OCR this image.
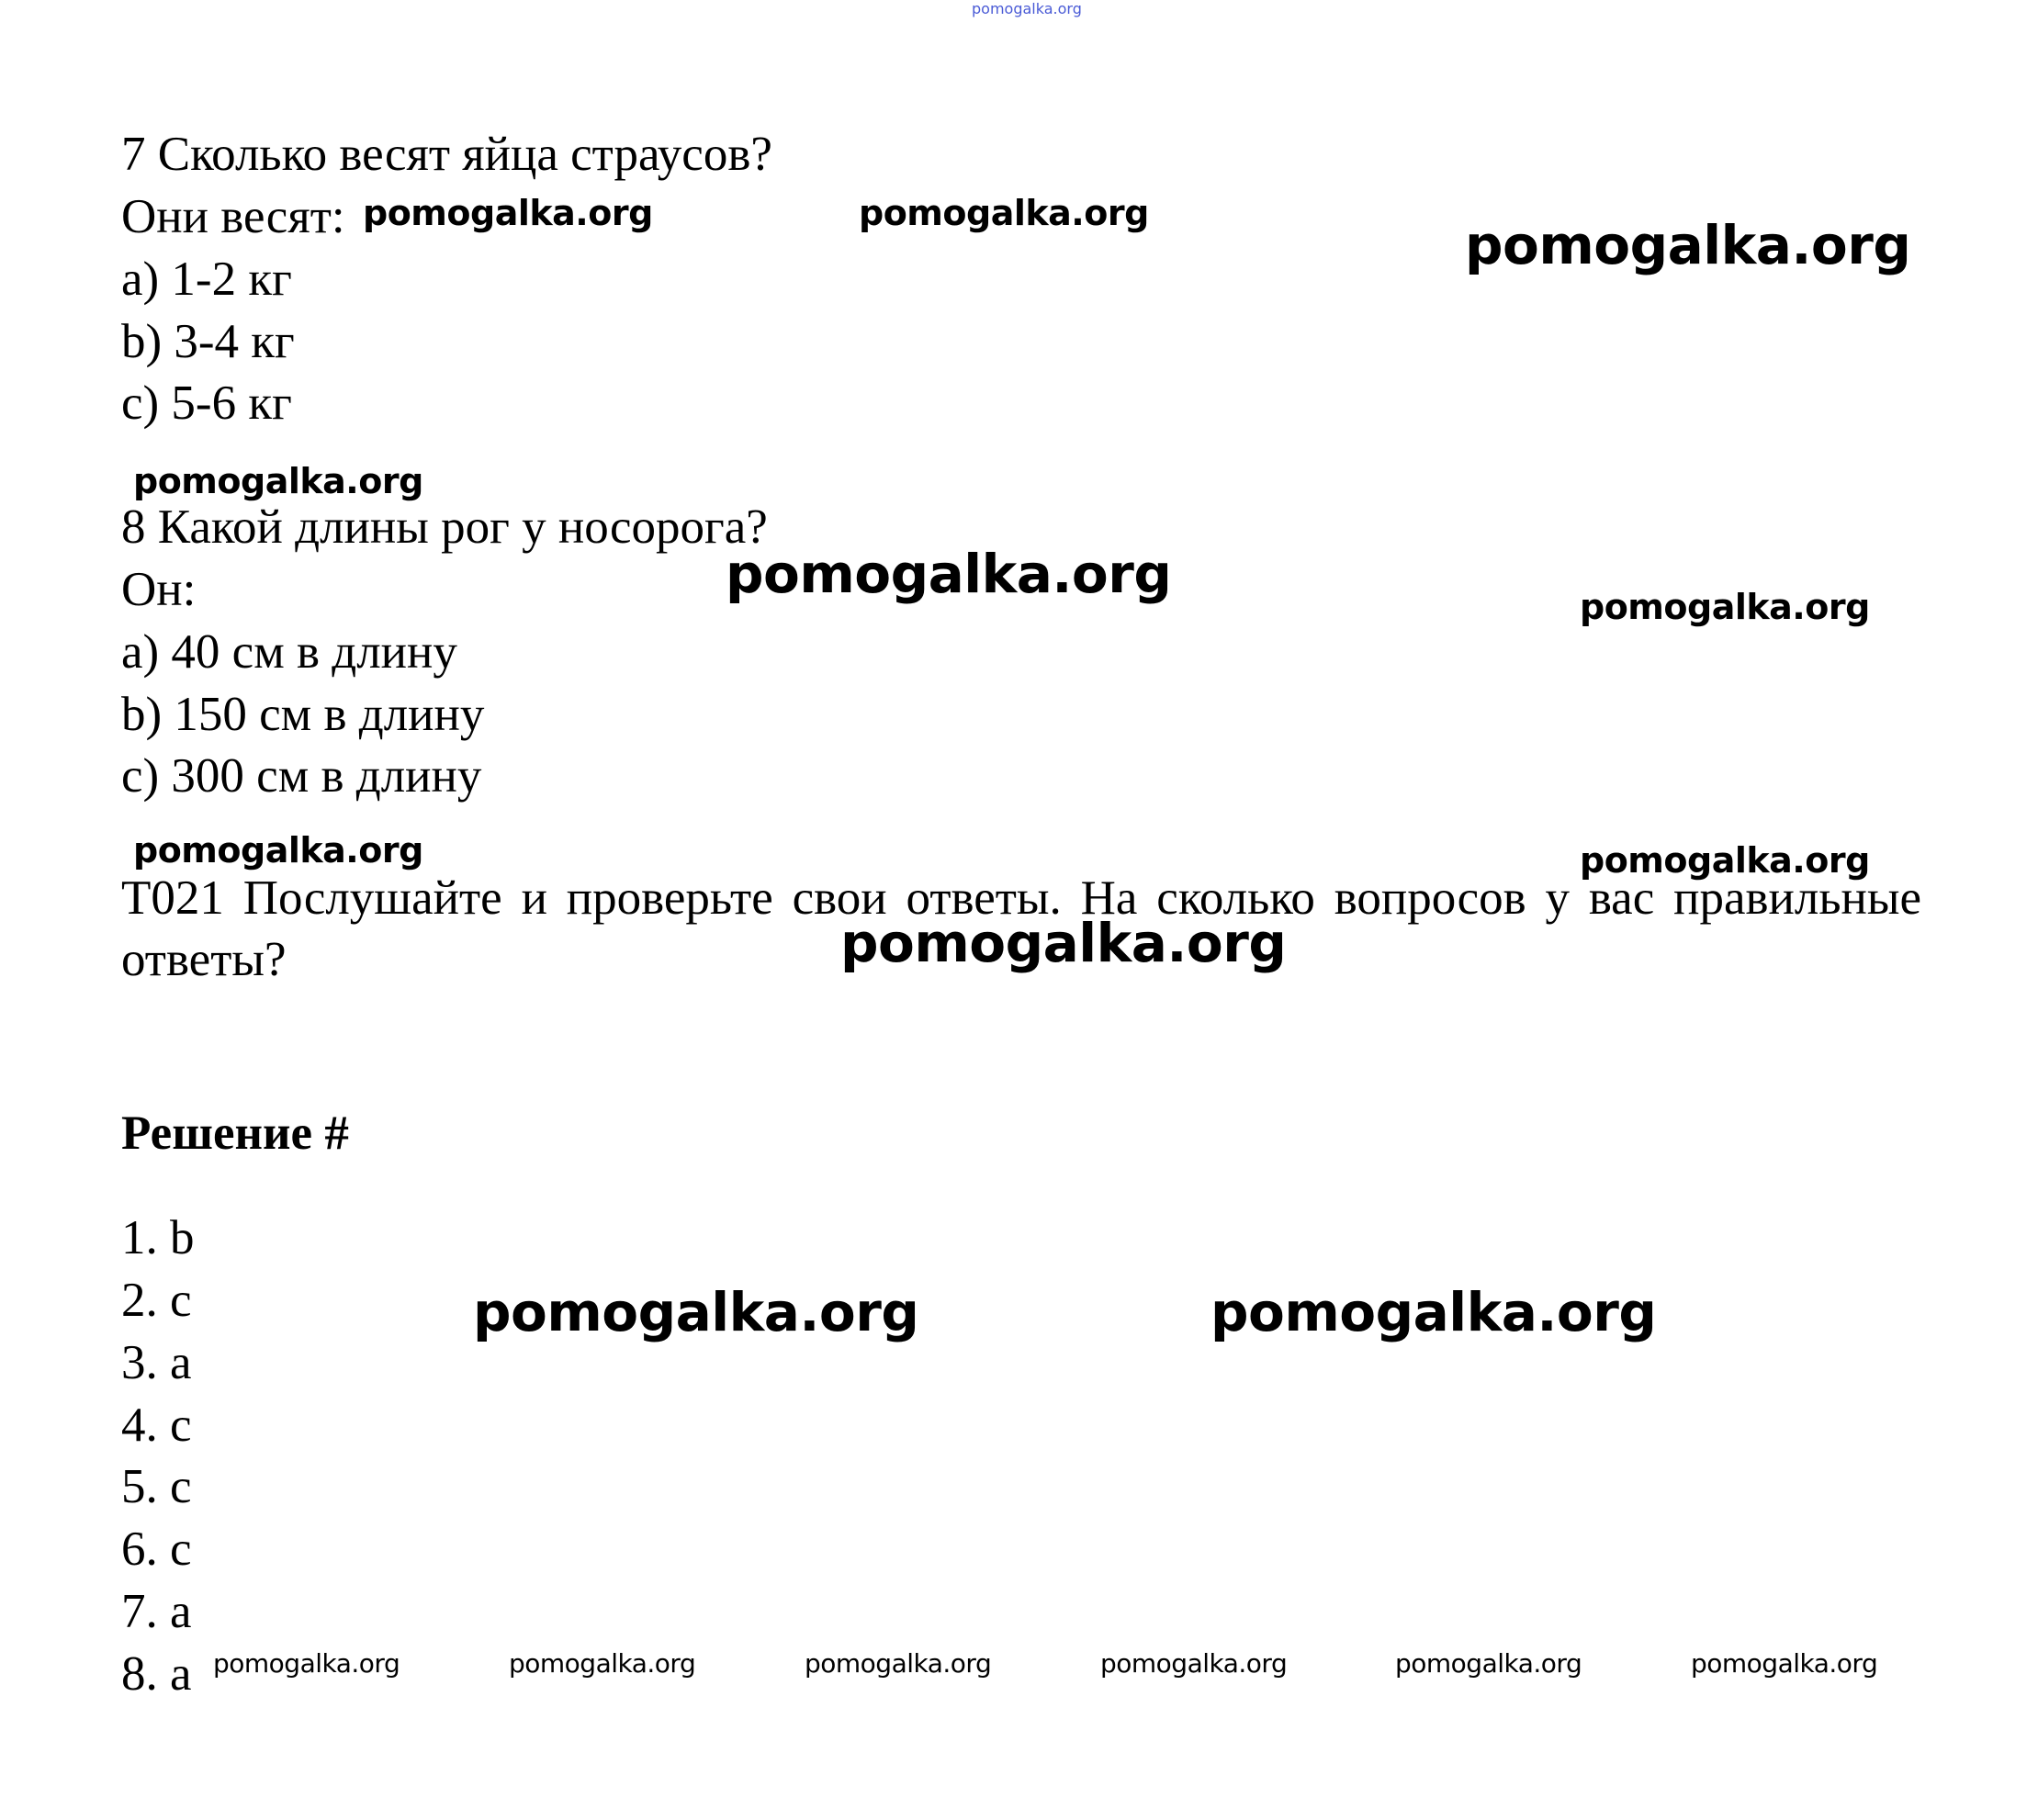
pomogalka.org
7 Сколько весят яйца страусов?
Они весят:
a) 1-2 кг
b) 3-4 кг
c) 5-6 кг
8 Какой длины рог у носорога?
Он:
a) 40 см в длину
b) 150 см в длину
c) 300 см в длину
T021 Послушайте и проверьте свои ответы. На сколько вопросов у вас правильные ответы?
Решение #
1. b
2. c
3. a
4. c
5. c
6. c
7. a
8. a
pomogalka.org	pomogalka.org
pomogalka.org
pomogalka.org
pomogalka.org
pomogalka.org
pomogalka.org	pomogalka.org
pomogalka.org
pomogalka.org	pomogalka.org
pomogalka.org	pomogalka.org	pomogalka.org	pomogalka.org	pomogalka.org	pomogalka.org
